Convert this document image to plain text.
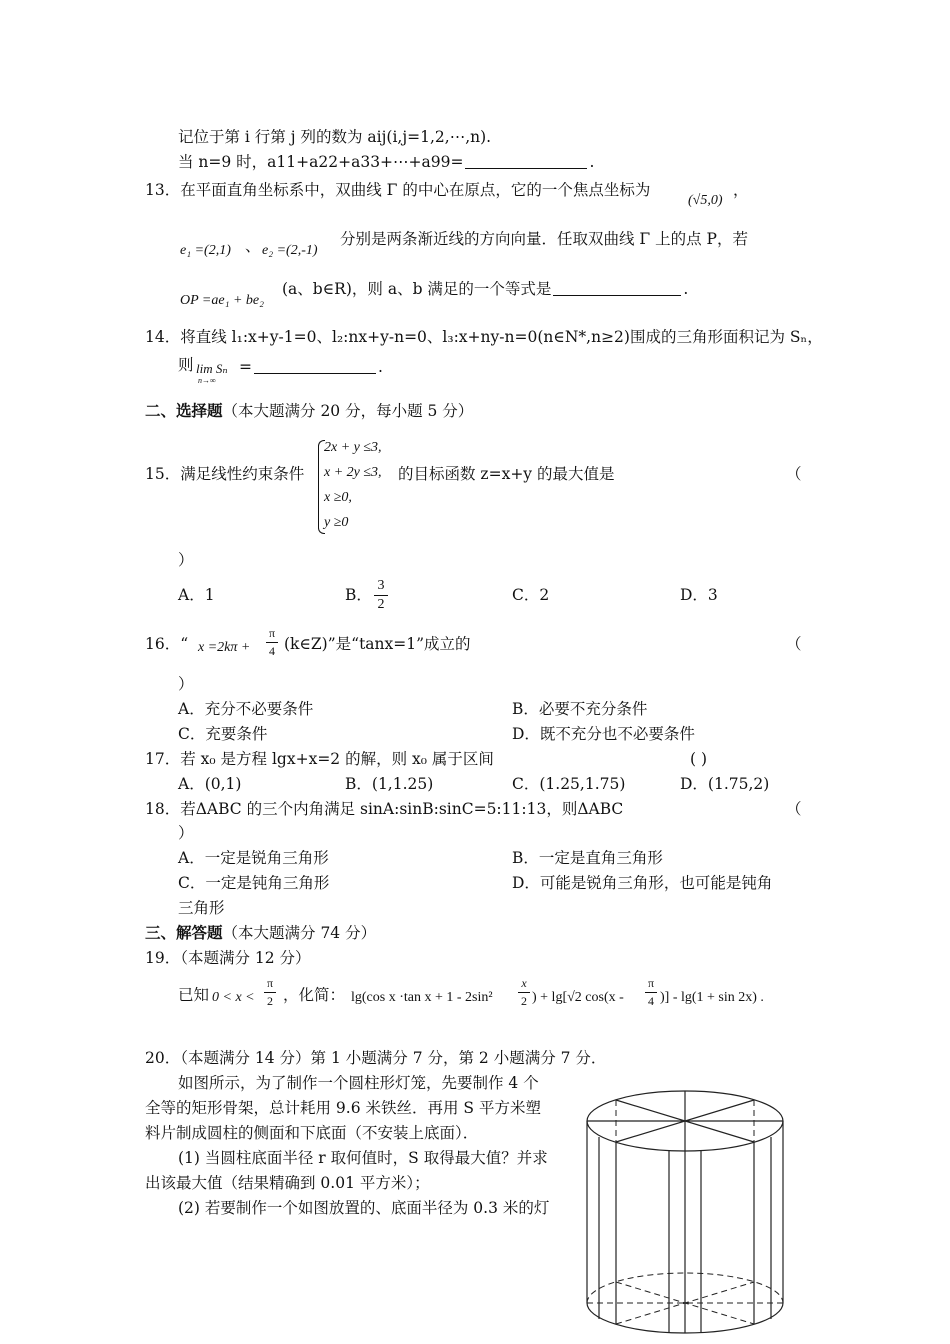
记位于第 i 行第 j 列的数为 aij(i,j=1,2,⋯,n).
当 n=9 时，a11+a22+a33+⋯+a99=	.
13．在平面直角坐标系中，双曲线 Γ 的中心在原点，它的一个焦点坐标为
(√5,0)
，
e₁ =(2,1) 、 e₂ =(2,-1)
分别是两条渐近线的方向向量．任取双曲线 Γ 上的点 P，若
OP =ae₁ + be₂
(a、b∈R)，则 a、b 满足的一个等式是	.
14．将直线 l₁:x+y-1=0、l₂:nx+y-n=0、l₃:x+ny-n=0(n∈N*,n≥2)围成的三角形面积记为 Sₙ，
则 lim Sₙ
n→∞
=	.
二、选择题（本大题满分 20 分，每小题 5 分）
2x + y ≤3,
x + 2y ≤3,
x ≥0,
y ≥0
15．满足线性约束条件	的目标函数 z=x+y 的最大值是	（
）
A．1	B．
3
2
C．2	D．3
16．“ x =2kπ +
π
4 (k∈Z)”是“tanx=1”成立的	（
）
A．充分不必要条件	B．必要不充分条件
C．充要条件	D．既不充分也不必要条件
17．若 x₀ 是方程 lgx+x=2 的解，则 x₀ 属于区间	( )
A．(0,1)	B．(1,1.25)	C．(1.25,1.75)	D．(1.75,2)
18．若ΔABC 的三个内角满足 sinA:sinB:sinC=5:11:13，则ΔABC	（
）
A．一定是锐角三角形	B．一定是直角三角形
C．一定是钝角三角形	D．可能是锐角三角形，也可能是钝角
三角形
三、解答题（本大题满分 74 分）
19．（本题满分 12 分）
已知 0 < x <
π
2 ，化简： lg(cos x ·tan x + 1 - 2sin²
x
2 ) + lg[√2 cos(x -
π
4 )] - lg(1 + sin 2x) .
20．（本题满分 14 分）第 1 小题满分 7 分，第 2 小题满分 7 分．
如图所示，为了制作一个圆柱形灯笼，先要制作 4 个
全等的矩形骨架，总计耗用 9.6 米铁丝．再用 S 平方米塑
料片制成圆柱的侧面和下底面（不安装上底面）．
(1) 当圆柱底面半径 r 取何值时，S 取得最大值？并求
出该最大值（结果精确到 0.01 平方米）；
(2) 若要制作一个如图放置的、底面半径为 0.3 米的灯
